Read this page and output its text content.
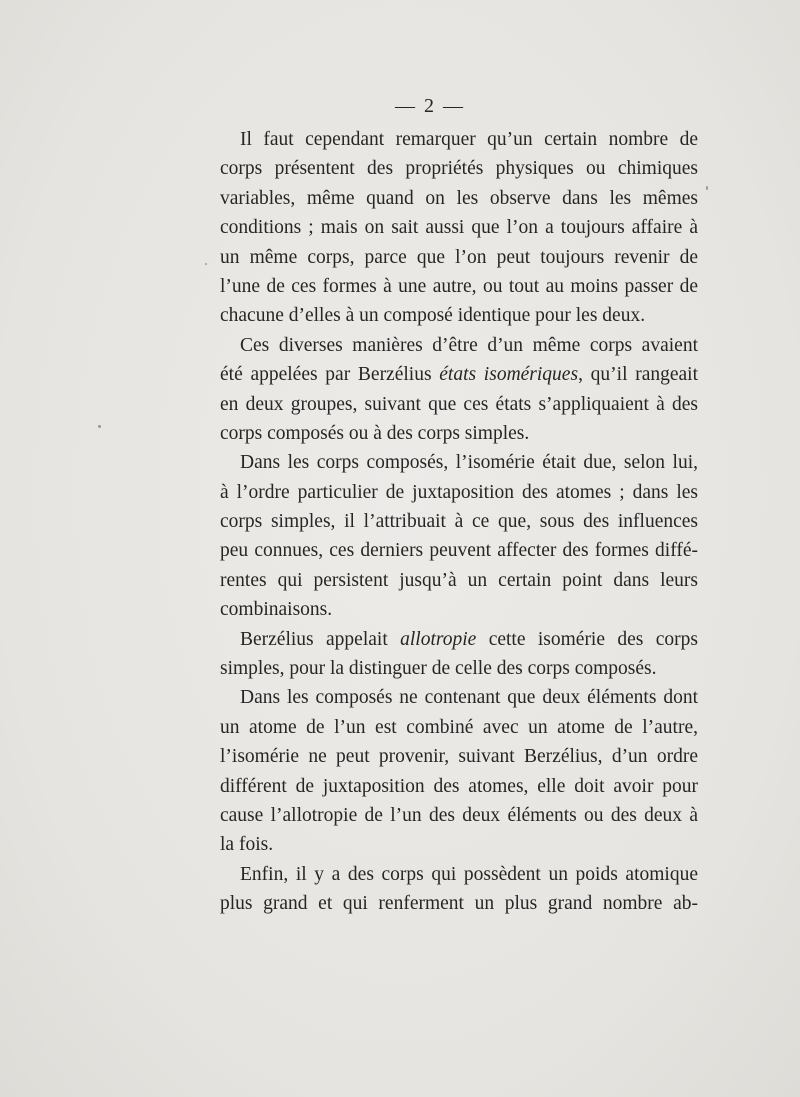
— 2 —
Il faut cependant remarquer qu’un certain nombre de
corps présentent des propriétés physiques ou chimiques
variables, même quand on les observe dans les mêmes
conditions ; mais on sait aussi que l’on a toujours affaire à
un même corps, parce que l’on peut toujours revenir de
l’une de ces formes à une autre, ou tout au moins passer de
chacune d’elles à un composé identique pour les deux.
Ces diverses manières d’être d’un même corps avaient
été appelées par Berzélius états isomériques, qu’il rangeait
en deux groupes, suivant que ces états s’appliquaient à des
corps composés ou à des corps simples.
Dans les corps composés, l’isomérie était due, selon lui,
à l’ordre particulier de juxtaposition des atomes ; dans les
corps simples, il l’attribuait à ce que, sous des influences
peu connues, ces derniers peuvent affecter des formes diffé-
rentes qui persistent jusqu’à un certain point dans leurs
combinaisons.
Berzélius appelait allotropie cette isomérie des corps
simples, pour la distinguer de celle des corps composés.
Dans les composés ne contenant que deux éléments dont
un atome de l’un est combiné avec un atome de l’autre,
l’isomérie ne peut provenir, suivant Berzélius, d’un ordre
différent de juxtaposition des atomes, elle doit avoir pour
cause l’allotropie de l’un des deux éléments ou des deux à
la fois.
Enfin, il y a des corps qui possèdent un poids atomique
plus grand et qui renferment un plus grand nombre ab-
